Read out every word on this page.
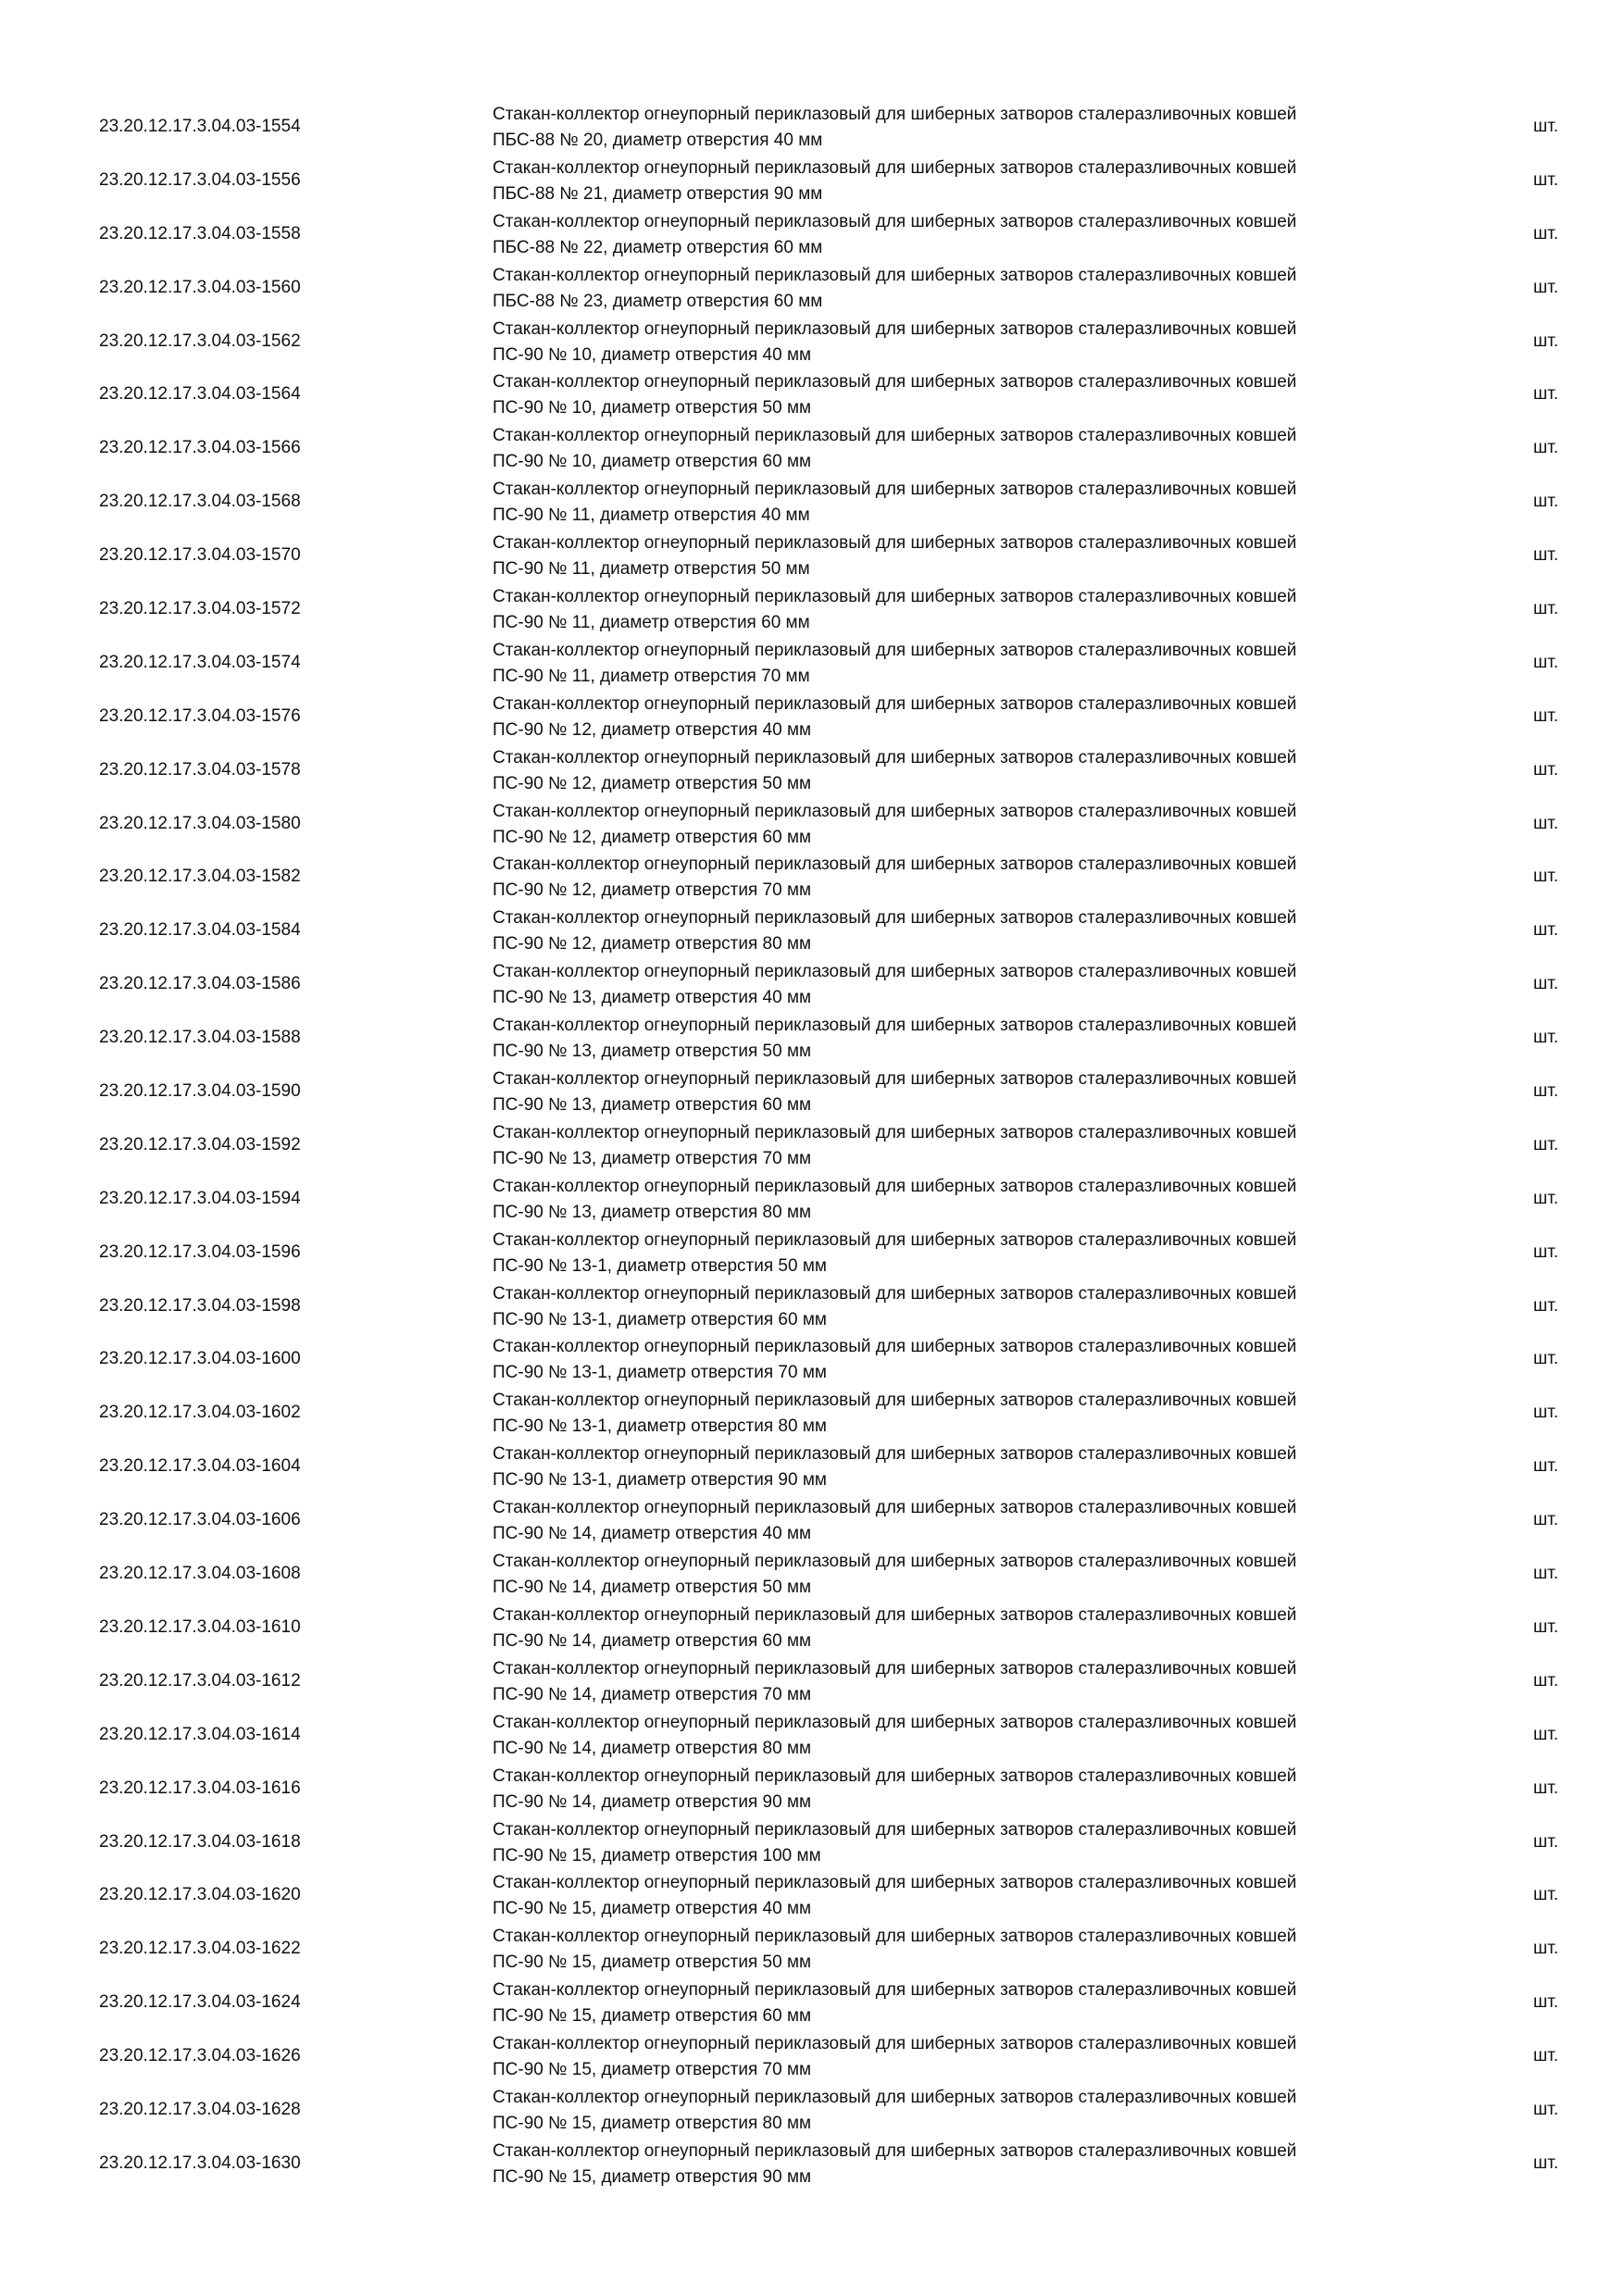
23.20.12.17.3.04.03-1554
Стакан-коллектор огнеупорный периклазовый для шиберных затворов сталеразливочных ковшей
ПБС-88 № 20, диаметр отверстия 40 мм
шт.
23.20.12.17.3.04.03-1556
Стакан-коллектор огнеупорный периклазовый для шиберных затворов сталеразливочных ковшей
ПБС-88 № 21, диаметр отверстия 90 мм
шт.
23.20.12.17.3.04.03-1558
Стакан-коллектор огнеупорный периклазовый для шиберных затворов сталеразливочных ковшей
ПБС-88 № 22, диаметр отверстия 60 мм
шт.
23.20.12.17.3.04.03-1560
Стакан-коллектор огнеупорный периклазовый для шиберных затворов сталеразливочных ковшей
ПБС-88 № 23, диаметр отверстия 60 мм
шт.
23.20.12.17.3.04.03-1562
Стакан-коллектор огнеупорный периклазовый для шиберных затворов сталеразливочных ковшей
ПС-90 № 10, диаметр отверстия 40 мм
шт.
23.20.12.17.3.04.03-1564
Стакан-коллектор огнеупорный периклазовый для шиберных затворов сталеразливочных ковшей
ПС-90 № 10, диаметр отверстия 50 мм
шт.
23.20.12.17.3.04.03-1566
Стакан-коллектор огнеупорный периклазовый для шиберных затворов сталеразливочных ковшей
ПС-90 № 10, диаметр отверстия 60 мм
шт.
23.20.12.17.3.04.03-1568
Стакан-коллектор огнеупорный периклазовый для шиберных затворов сталеразливочных ковшей
ПС-90 № 11, диаметр отверстия 40 мм
шт.
23.20.12.17.3.04.03-1570
Стакан-коллектор огнеупорный периклазовый для шиберных затворов сталеразливочных ковшей
ПС-90 № 11, диаметр отверстия 50 мм
шт.
23.20.12.17.3.04.03-1572
Стакан-коллектор огнеупорный периклазовый для шиберных затворов сталеразливочных ковшей
ПС-90 № 11, диаметр отверстия 60 мм
шт.
23.20.12.17.3.04.03-1574
Стакан-коллектор огнеупорный периклазовый для шиберных затворов сталеразливочных ковшей
ПС-90 № 11, диаметр отверстия 70 мм
шт.
23.20.12.17.3.04.03-1576
Стакан-коллектор огнеупорный периклазовый для шиберных затворов сталеразливочных ковшей
ПС-90 № 12, диаметр отверстия 40 мм
шт.
23.20.12.17.3.04.03-1578
Стакан-коллектор огнеупорный периклазовый для шиберных затворов сталеразливочных ковшей
ПС-90 № 12, диаметр отверстия 50 мм
шт.
23.20.12.17.3.04.03-1580
Стакан-коллектор огнеупорный периклазовый для шиберных затворов сталеразливочных ковшей
ПС-90 № 12, диаметр отверстия 60 мм
шт.
23.20.12.17.3.04.03-1582
Стакан-коллектор огнеупорный периклазовый для шиберных затворов сталеразливочных ковшей
ПС-90 № 12, диаметр отверстия 70 мм
шт.
23.20.12.17.3.04.03-1584
Стакан-коллектор огнеупорный периклазовый для шиберных затворов сталеразливочных ковшей
ПС-90 № 12, диаметр отверстия 80 мм
шт.
23.20.12.17.3.04.03-1586
Стакан-коллектор огнеупорный периклазовый для шиберных затворов сталеразливочных ковшей
ПС-90 № 13, диаметр отверстия 40 мм
шт.
23.20.12.17.3.04.03-1588
Стакан-коллектор огнеупорный периклазовый для шиберных затворов сталеразливочных ковшей
ПС-90 № 13, диаметр отверстия 50 мм
шт.
23.20.12.17.3.04.03-1590
Стакан-коллектор огнеупорный периклазовый для шиберных затворов сталеразливочных ковшей
ПС-90 № 13, диаметр отверстия 60 мм
шт.
23.20.12.17.3.04.03-1592
Стакан-коллектор огнеупорный периклазовый для шиберных затворов сталеразливочных ковшей
ПС-90 № 13, диаметр отверстия 70 мм
шт.
23.20.12.17.3.04.03-1594
Стакан-коллектор огнеупорный периклазовый для шиберных затворов сталеразливочных ковшей
ПС-90 № 13, диаметр отверстия 80 мм
шт.
23.20.12.17.3.04.03-1596
Стакан-коллектор огнеупорный периклазовый для шиберных затворов сталеразливочных ковшей
ПС-90 № 13-1, диаметр отверстия 50 мм
шт.
23.20.12.17.3.04.03-1598
Стакан-коллектор огнеупорный периклазовый для шиберных затворов сталеразливочных ковшей
ПС-90 № 13-1, диаметр отверстия 60 мм
шт.
23.20.12.17.3.04.03-1600
Стакан-коллектор огнеупорный периклазовый для шиберных затворов сталеразливочных ковшей
ПС-90 № 13-1, диаметр отверстия 70 мм
шт.
23.20.12.17.3.04.03-1602
Стакан-коллектор огнеупорный периклазовый для шиберных затворов сталеразливочных ковшей
ПС-90 № 13-1, диаметр отверстия 80 мм
шт.
23.20.12.17.3.04.03-1604
Стакан-коллектор огнеупорный периклазовый для шиберных затворов сталеразливочных ковшей
ПС-90 № 13-1, диаметр отверстия 90 мм
шт.
23.20.12.17.3.04.03-1606
Стакан-коллектор огнеупорный периклазовый для шиберных затворов сталеразливочных ковшей
ПС-90 № 14, диаметр отверстия 40 мм
шт.
23.20.12.17.3.04.03-1608
Стакан-коллектор огнеупорный периклазовый для шиберных затворов сталеразливочных ковшей
ПС-90 № 14, диаметр отверстия 50 мм
шт.
23.20.12.17.3.04.03-1610
Стакан-коллектор огнеупорный периклазовый для шиберных затворов сталеразливочных ковшей
ПС-90 № 14, диаметр отверстия 60 мм
шт.
23.20.12.17.3.04.03-1612
Стакан-коллектор огнеупорный периклазовый для шиберных затворов сталеразливочных ковшей
ПС-90 № 14, диаметр отверстия 70 мм
шт.
23.20.12.17.3.04.03-1614
Стакан-коллектор огнеупорный периклазовый для шиберных затворов сталеразливочных ковшей
ПС-90 № 14, диаметр отверстия 80 мм
шт.
23.20.12.17.3.04.03-1616
Стакан-коллектор огнеупорный периклазовый для шиберных затворов сталеразливочных ковшей
ПС-90 № 14, диаметр отверстия 90 мм
шт.
23.20.12.17.3.04.03-1618
Стакан-коллектор огнеупорный периклазовый для шиберных затворов сталеразливочных ковшей
ПС-90 № 15, диаметр отверстия 100 мм
шт.
23.20.12.17.3.04.03-1620
Стакан-коллектор огнеупорный периклазовый для шиберных затворов сталеразливочных ковшей
ПС-90 № 15, диаметр отверстия 40 мм
шт.
23.20.12.17.3.04.03-1622
Стакан-коллектор огнеупорный периклазовый для шиберных затворов сталеразливочных ковшей
ПС-90 № 15, диаметр отверстия 50 мм
шт.
23.20.12.17.3.04.03-1624
Стакан-коллектор огнеупорный периклазовый для шиберных затворов сталеразливочных ковшей
ПС-90 № 15, диаметр отверстия 60 мм
шт.
23.20.12.17.3.04.03-1626
Стакан-коллектор огнеупорный периклазовый для шиберных затворов сталеразливочных ковшей
ПС-90 № 15, диаметр отверстия 70 мм
шт.
23.20.12.17.3.04.03-1628
Стакан-коллектор огнеупорный периклазовый для шиберных затворов сталеразливочных ковшей
ПС-90 № 15, диаметр отверстия 80 мм
шт.
23.20.12.17.3.04.03-1630
Стакан-коллектор огнеупорный периклазовый для шиберных затворов сталеразливочных ковшей
ПС-90 № 15, диаметр отверстия 90 мм
шт.
